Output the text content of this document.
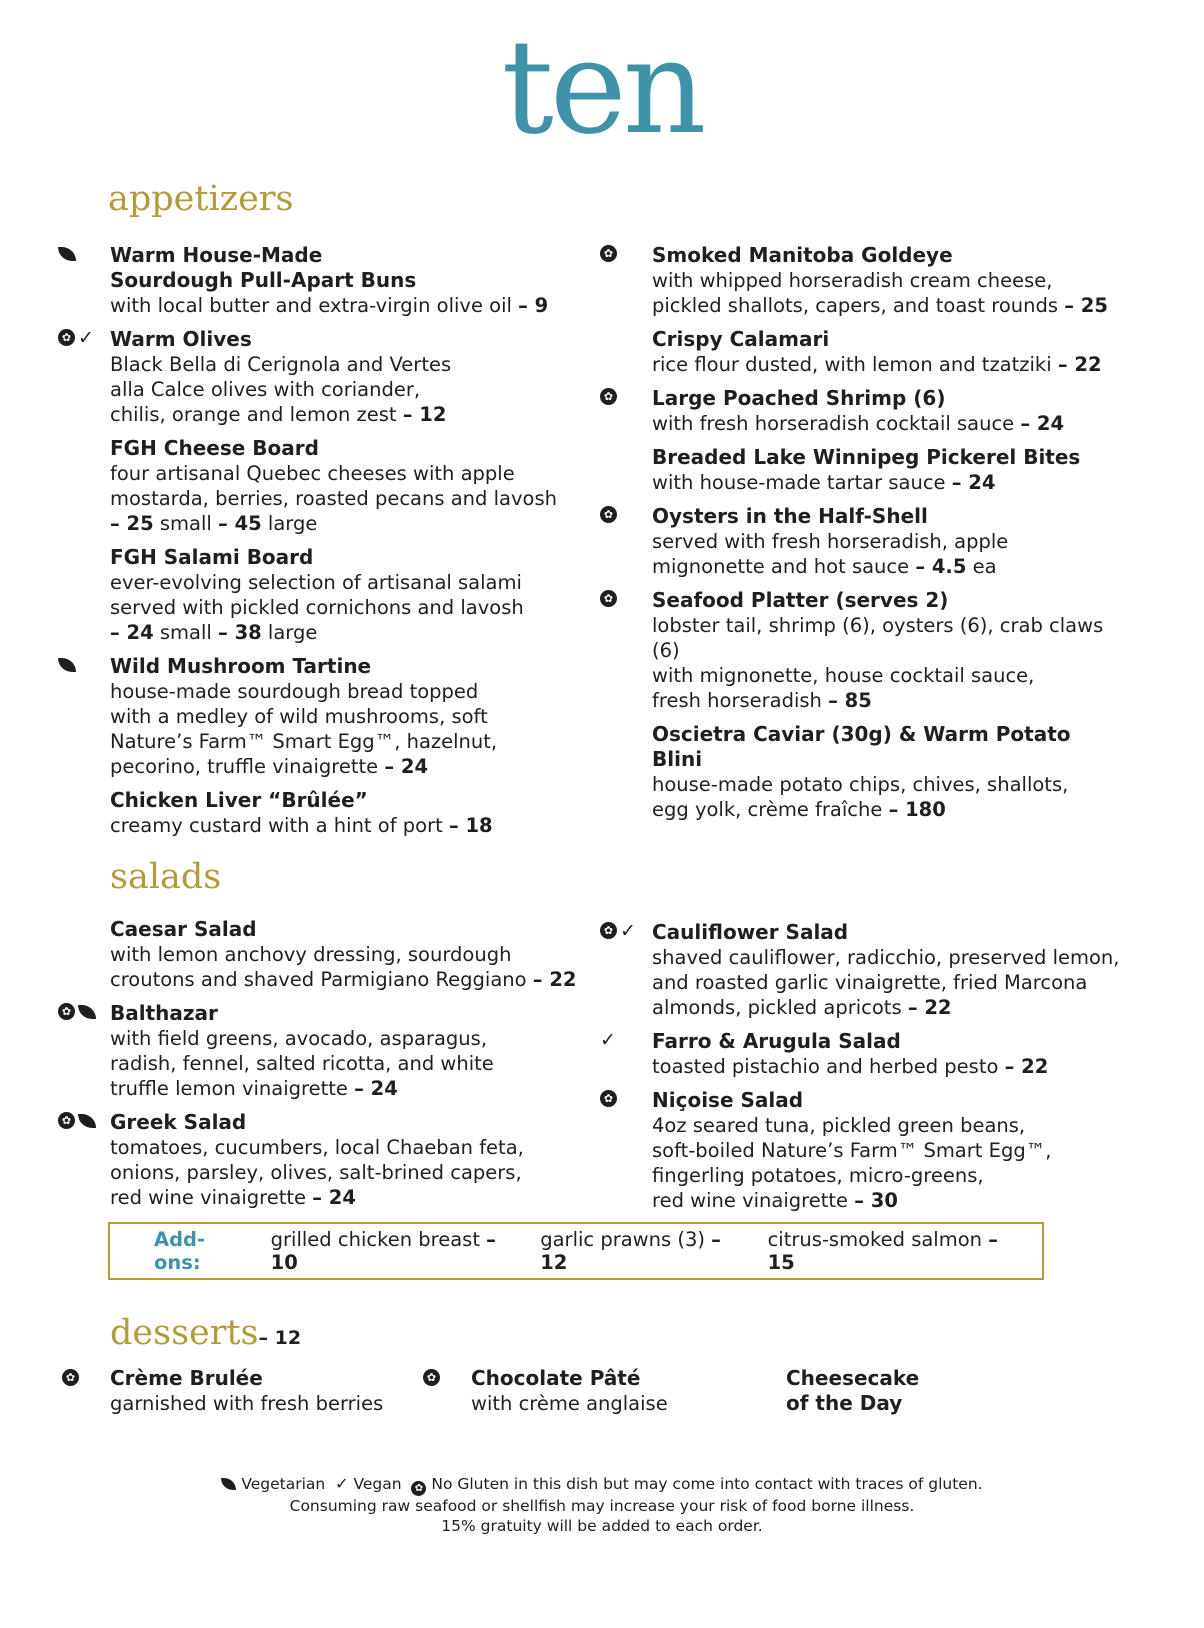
ten
appetizers
Warm House-Made
Sourdough Pull-Apart Buns
with local butter and extra-virgin olive oil – 9
✿ ✓ Warm Olives
Black Bella di Cerignola and Vertes
alla Calce olives with coriander,
chilis, orange and lemon zest – 12
FGH Cheese Board
four artisanal Quebec cheeses with apple
mostarda, berries, roasted pecans and lavosh
– 25 small – 45 large
FGH Salami Board
ever-evolving selection of artisanal salami
served with pickled cornichons and lavosh
– 24 small – 38 large
Wild Mushroom Tartine
house-made sourdough bread topped
with a medley of wild mushrooms, soft
Nature’s Farm™ Smart Egg™, hazelnut,
pecorino, truffle vinaigrette – 24
Chicken Liver “Brûlée”
creamy custard with a hint of port – 18
✿ Smoked Manitoba Goldeye
with whipped horseradish cream cheese,
pickled shallots, capers, and toast rounds – 25
Crispy Calamari
rice flour dusted, with lemon and tzatziki – 22
✿ Large Poached Shrimp (6)
with fresh horseradish cocktail sauce – 24
Breaded Lake Winnipeg Pickerel Bites
with house-made tartar sauce – 24
✿ Oysters in the Half-Shell
served with fresh horseradish, apple
mignonette and hot sauce – 4.5 ea
✿ Seafood Platter (serves 2)
lobster tail, shrimp (6), oysters (6), crab claws (6)
with mignonette, house cocktail sauce,
fresh horseradish – 85
Oscietra Caviar (30g) & Warm Potato Blini
house-made potato chips, chives, shallots,
egg yolk, crème fraîche – 180
salads
Caesar Salad
with lemon anchovy dressing, sourdough
croutons and shaved Parmigiano Reggiano – 22
✿ Balthazar
with field greens, avocado, asparagus,
radish, fennel, salted ricotta, and white
truffle lemon vinaigrette – 24
✿ Greek Salad
tomatoes, cucumbers, local Chaeban feta,
onions, parsley, olives, salt-brined capers,
red wine vinaigrette – 24
✿ ✓ Cauliflower Salad
shaved cauliflower, radicchio, preserved lemon,
and roasted garlic vinaigrette, fried Marcona
almonds, pickled apricots – 22
✓ Farro & Arugula Salad
toasted pistachio and herbed pesto – 22
✿ Niçoise Salad
4oz seared tuna, pickled green beans,
soft-boiled Nature’s Farm™ Smart Egg™,
fingerling potatoes, micro-greens,
red wine vinaigrette – 30
Add-ons:
grilled chicken breast – 10
garlic prawns (3) – 12
citrus-smoked salmon – 15
desserts– 12
✿ Crème Brulée
garnished with fresh berries
✿ Chocolate Pâté
with crème anglaise
Cheesecake
of the Day
Vegetarian ✓ Vegan ✿ No Gluten in this dish but may come into contact with traces of gluten.
Consuming raw seafood or shellfish may increase your risk of food borne illness.
15% gratuity will be added to each order.
